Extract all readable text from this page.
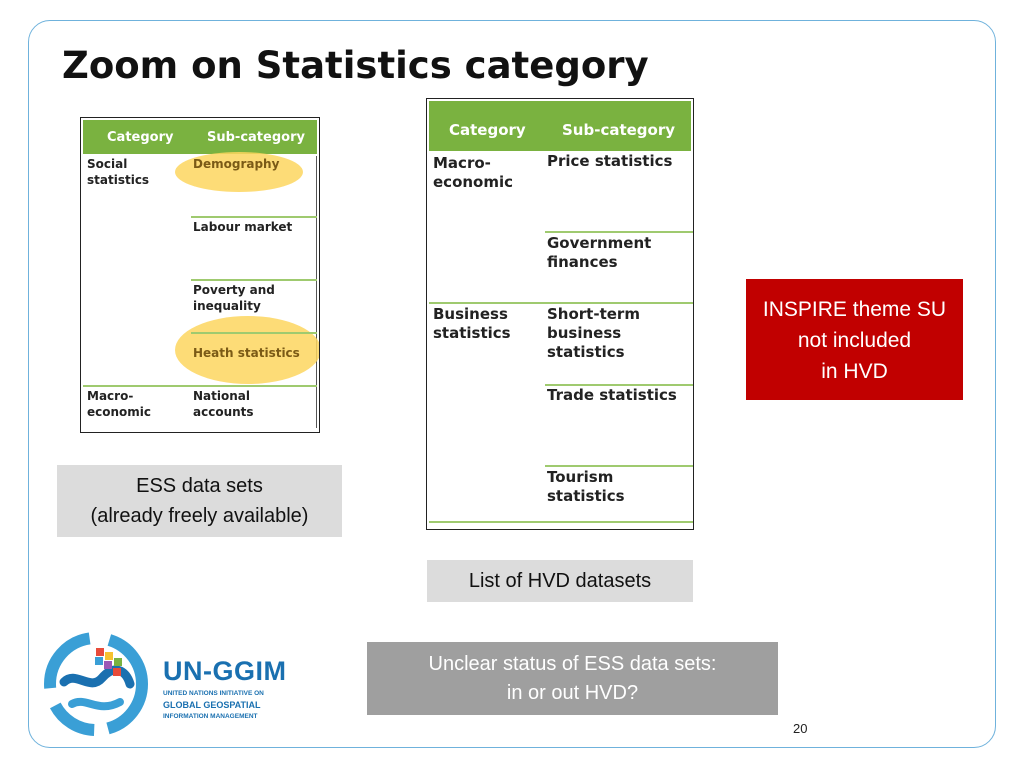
Zoom on Statistics category
Category	Sub-category
Social
statistics
Demography
Labour market
Poverty and
inequality
Heath statistics
Macro-
economic
National
accounts
Category Sub-category
Macro-
economic
Price statistics
Government
finances
Business
statistics
Short-term
business
statistics
Trade statistics
Tourism
statistics
ESS data sets
(already freely available)
List of HVD datasets
INSPIRE theme SU
not included
in HVD
Unclear status of ESS data sets:
in or out HVD?
UN-GGIM
UNITED NATIONS INITIATIVE ON
GLOBAL GEOSPATIAL
INFORMATION MANAGEMENT
20
